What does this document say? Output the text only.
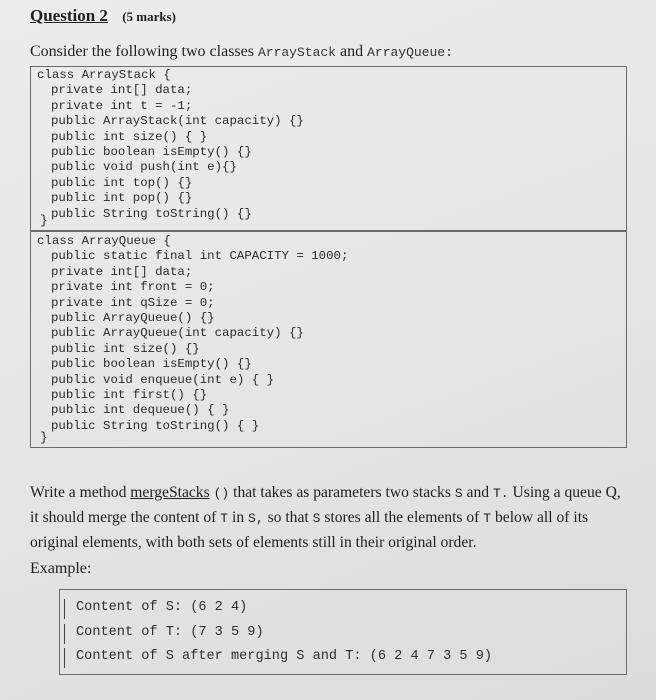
Question 2 (5 marks)
Consider the following two classes ArrayStack and ArrayQueue:
class ArrayStack {
private int[] data;
private int t = -1;
public ArrayStack(int capacity) {}
public int size() { }
public boolean isEmpty() {}
public void push(int e){}
public int top() {}
public int pop() {}
public String toString() {}
}
class ArrayQueue {
public static final int CAPACITY = 1000;
private int[] data;
private int front = 0;
private int qSize = 0;
public ArrayQueue() {}
public ArrayQueue(int capacity) {}
public int size() {}
public boolean isEmpty() {}
public void enqueue(int e) { }
public int first() {}
public int dequeue() { }
public String toString() { }
}
Write a method mergeStacks () that takes as parameters two stacks S and T. Using a queue Q, it should merge the content of T in S, so that S stores all the elements of T below all of its original elements, with both sets of elements still in their original order.
Example:
Content of S: (6 2 4)
Content of T: (7 3 5 9)
Content of S after merging S and T: (6 2 4 7 3 5 9)
